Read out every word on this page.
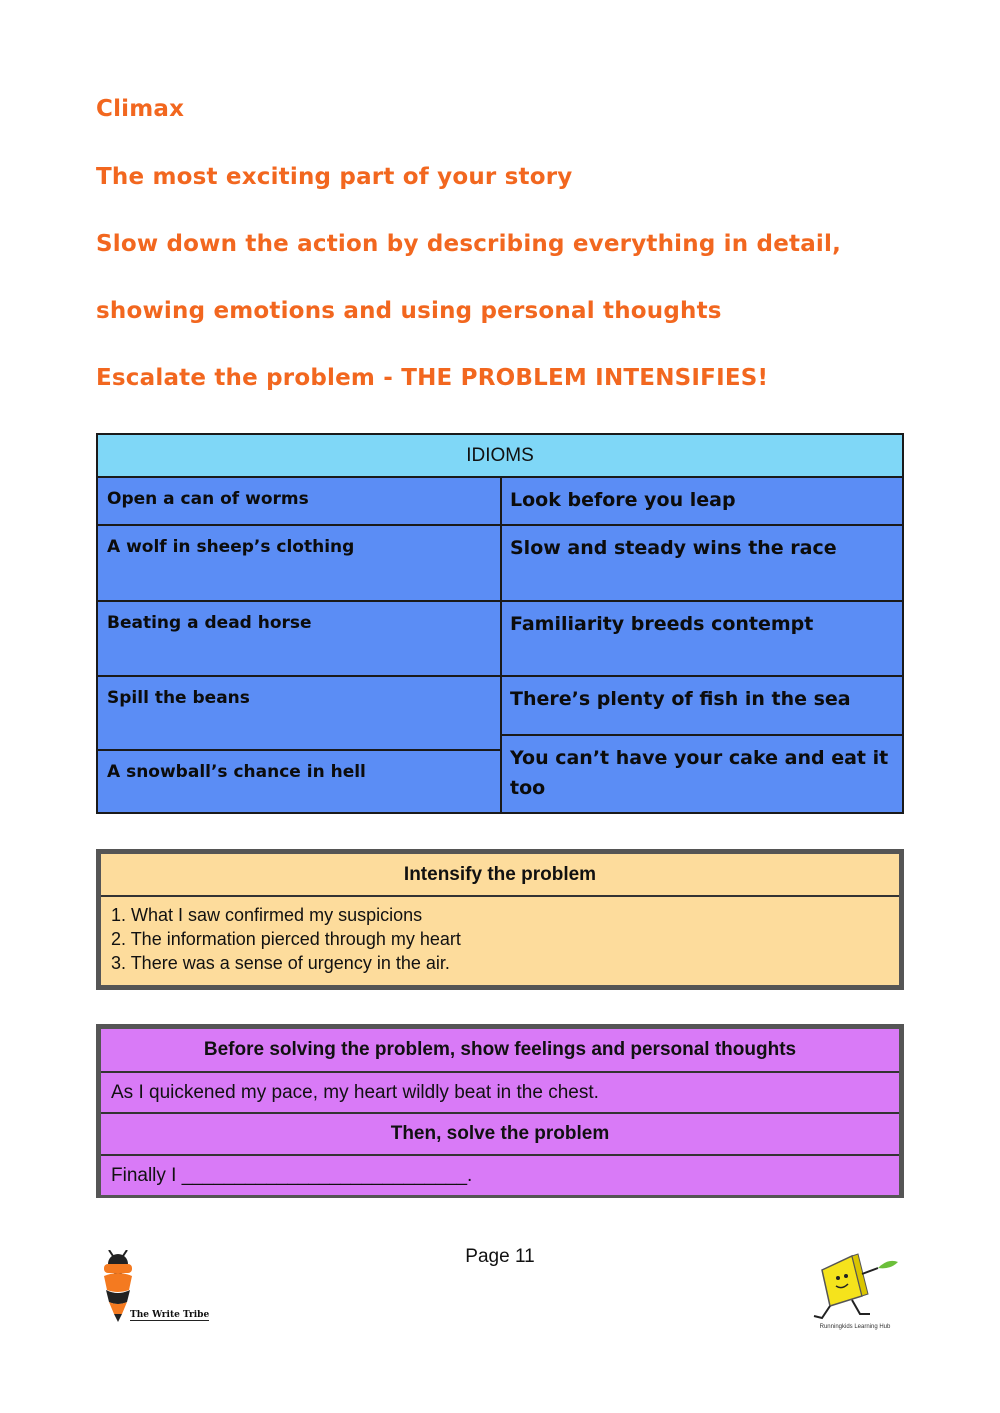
Climax
The most exciting part of your story
Slow down the action by describing everything in detail,
showing emotions and using personal thoughts
Escalate the problem - THE PROBLEM INTENSIFIES!
IDIOMS
Open a can of worms
A wolf in sheep’s clothing
Beating a dead horse
Spill the beans
A snowball’s chance in hell
Look before you leap
Slow and steady wins the race
Familiarity breeds contempt
There’s plenty of fish in the sea
You can’t have your cake and eat it too
Intensify the problem
1. What I saw confirmed my suspicions
2. The information pierced through my heart
3. There was a sense of urgency in the air.
Before solving the problem, show feelings and personal thoughts
As I quickened my pace, my heart wildly beat in the chest.
Then, solve the problem
Finally I ___________________________.
Page 11
The Write Tribe
Runningkids Learning Hub
